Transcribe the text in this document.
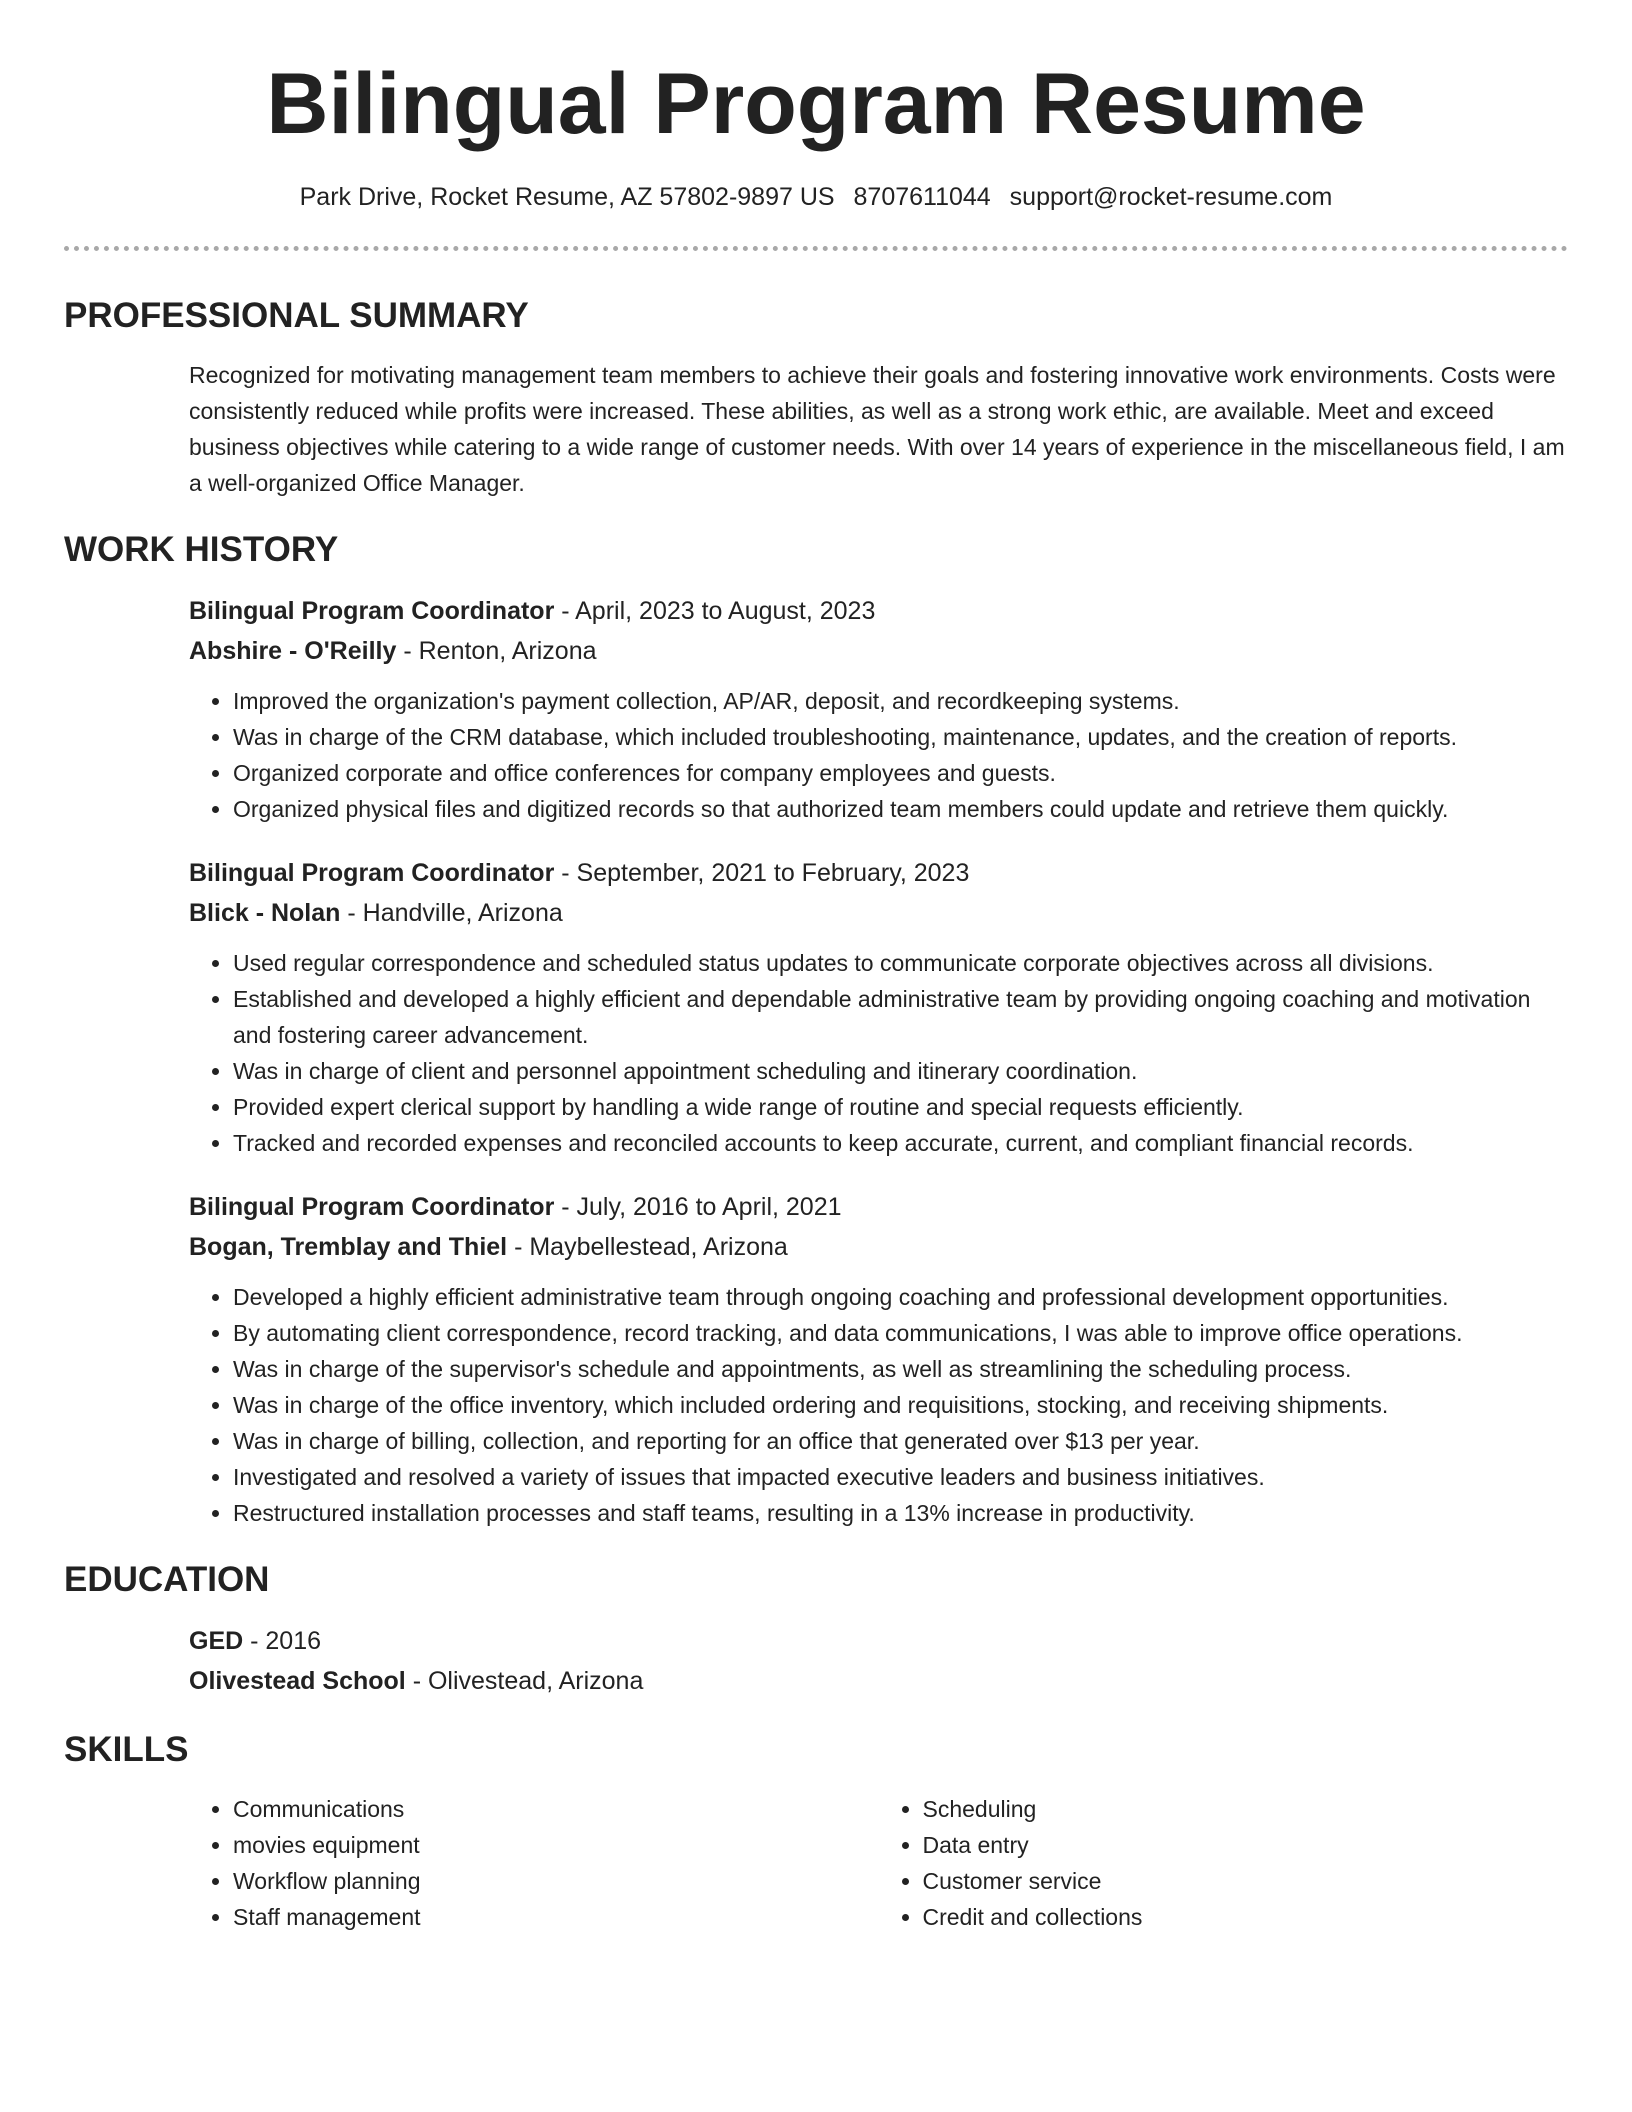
Bilingual Program Resume
Park Drive, Rocket Resume, AZ 57802-9897 US 8707611044 support@rocket-resume.com
PROFESSIONAL SUMMARY

Recognized for motivating management team members to achieve their goals and fostering innovative work environments. Costs were consistently reduced while profits were increased. These abilities, as well as a strong work ethic, are available. Meet and exceed business objectives while catering to a wide range of customer needs. With over 14 years of experience in the miscellaneous field, I am a well-organized Office Manager.

WORK HISTORY
Bilingual Program Coordinator - April, 2023 to August, 2023
Abshire - O'Reilly - Renton, Arizona
• Improved the organization's payment collection, AP/AR, deposit, and recordkeeping systems.
• Was in charge of the CRM database, which included troubleshooting, maintenance, updates, and the creation of reports.
• Organized corporate and office conferences for company employees and guests.
• Organized physical files and digitized records so that authorized team members could update and retrieve them quickly.
Bilingual Program Coordinator - September, 2021 to February, 2023
Blick - Nolan - Handville, Arizona
• Used regular correspondence and scheduled status updates to communicate corporate objectives across all divisions.
• Established and developed a highly efficient and dependable administrative team by providing ongoing coaching and motivation and fostering career advancement.
• Was in charge of client and personnel appointment scheduling and itinerary coordination.
• Provided expert clerical support by handling a wide range of routine and special requests efficiently.
• Tracked and recorded expenses and reconciled accounts to keep accurate, current, and compliant financial records.
Bilingual Program Coordinator - July, 2016 to April, 2021
Bogan, Tremblay and Thiel - Maybellestead, Arizona
• Developed a highly efficient administrative team through ongoing coaching and professional development opportunities.
• By automating client correspondence, record tracking, and data communications, I was able to improve office operations.
• Was in charge of the supervisor's schedule and appointments, as well as streamlining the scheduling process.
• Was in charge of the office inventory, which included ordering and requisitions, stocking, and receiving shipments.
• Was in charge of billing, collection, and reporting for an office that generated over $13 per year.
• Investigated and resolved a variety of issues that impacted executive leaders and business initiatives.
• Restructured installation processes and staff teams, resulting in a 13% increase in productivity.
EDUCATION
GED - 2016
Olivestead School - Olivestead, Arizona
SKILLS
• Communications
• movies equipment
• Workflow planning
• Staff management
• Scheduling
• Data entry
• Customer service
• Credit and collections
